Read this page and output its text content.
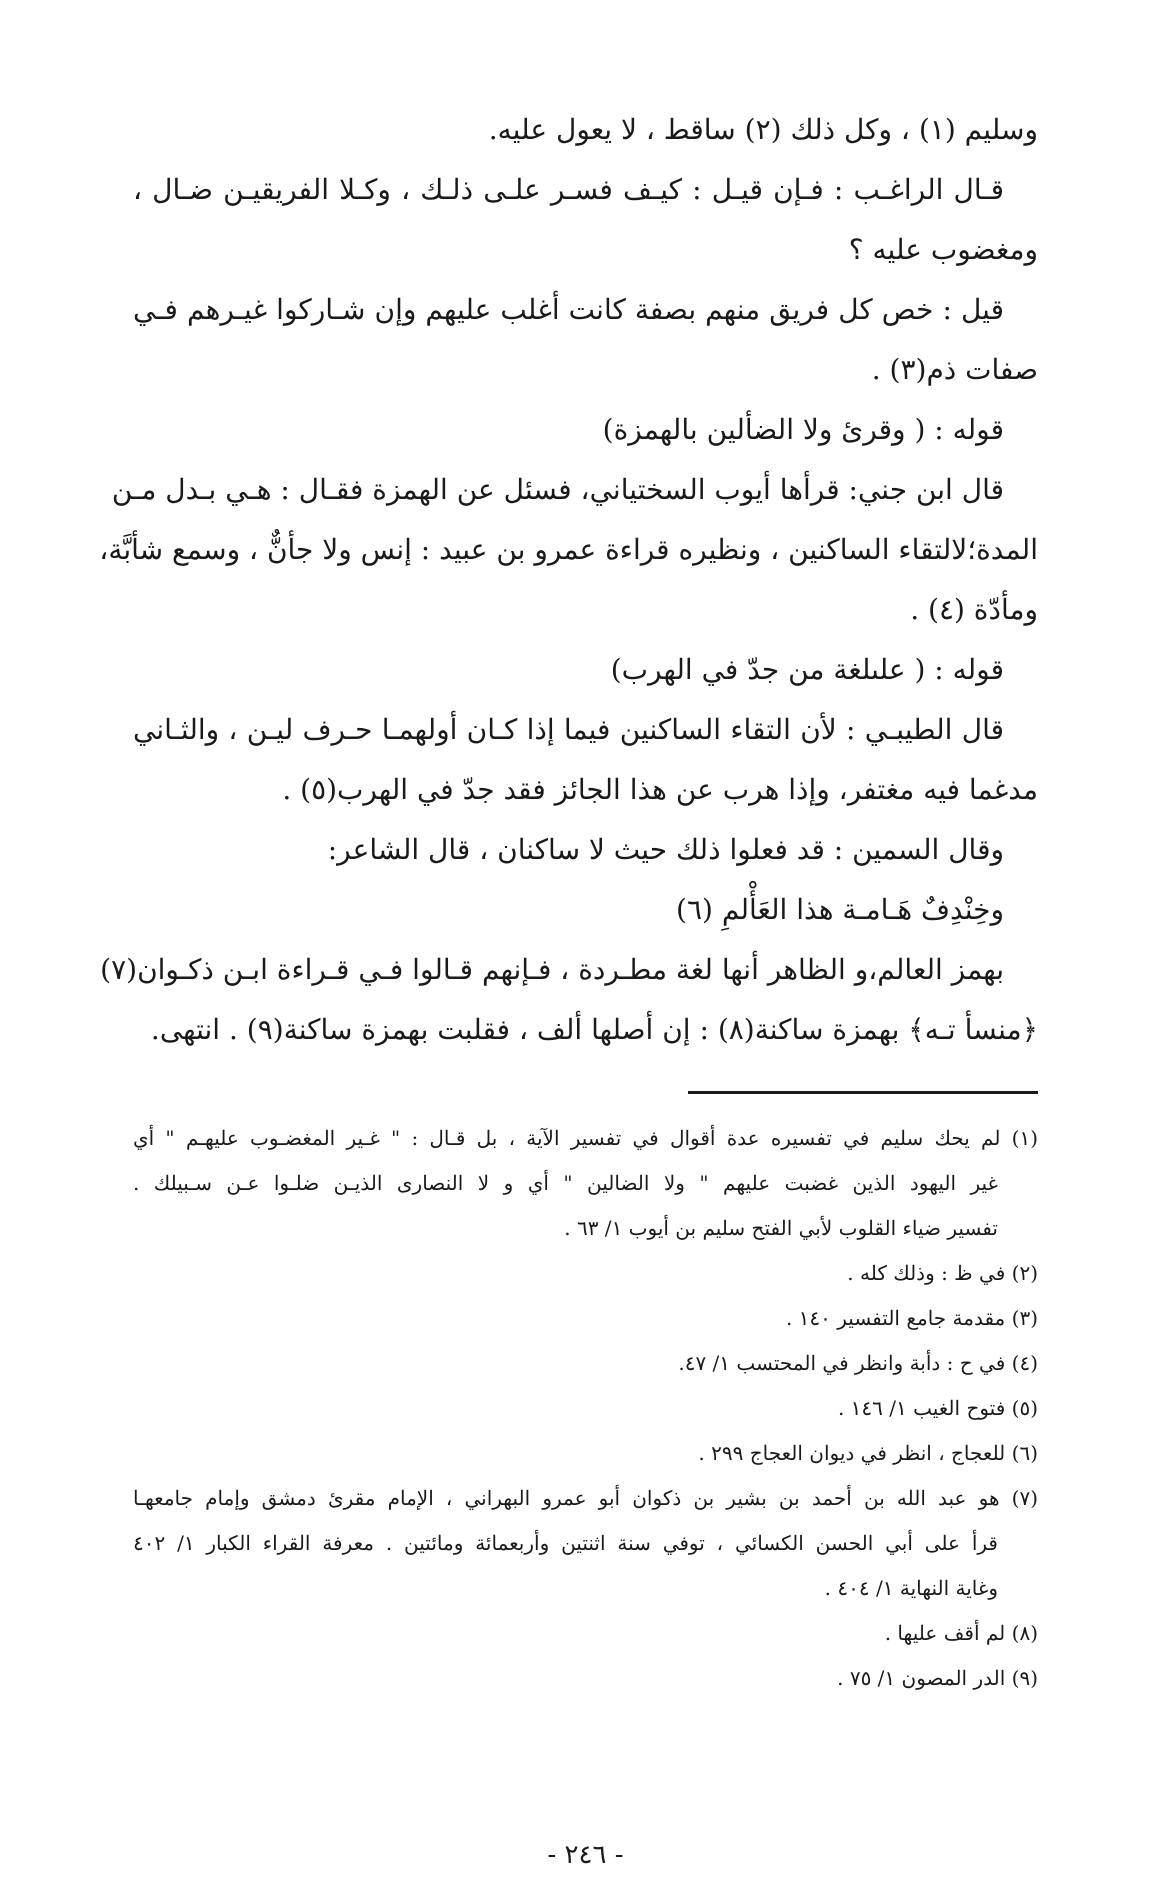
وسليم (١) ، وكل ذلك (٢) ساقط ، لا يعول عليه.
قـال الراغـب : فـإن قيـل : كيـف فسـر علـى ذلـك ، وكـلا الفريقيـن ضـال ،
ومغضوب عليه ؟
قيل : خص كل فريق منهم بصفة كانت أغلب عليهم وإن شـاركوا غيـرهم فـي
صفات ذم(٣) .
قوله : ( وقرئ ولا الضألين بالهمزة)
قال ابن جني: قرأها أيوب السختياني، فسئل عن الهمزة فقـال : هـي بـدل مـن
المدة؛لالتقاء الساكنين ، ونظيره قراءة عمرو بن عبيد : إنس ولا جأنٌّ ، وسمع شأبَّة،
ومأدّة (٤) .
قوله : ( علىلغة من جدّ في الهرب)
قال الطيبـي : لأن التقاء الساكنين فيما إذا كـان أولهمـا حـرف ليـن ، والثـاني
مدغما فيه مغتفر، وإذا هرب عن هذا الجائز فقد جدّ في الهرب(٥) .
وقال السمين : قد فعلوا ذلك حيث لا ساكنان ، قال الشاعر:
وخِنْدِفٌ هَـامـة هذا العَأْلمِ (٦)
بهمز العالم،و الظاهر أنها لغة مطـردة ، فـإنهم قـالوا فـي قـراءة ابـن ذكـوان(٧)
﴿منسأ تـه﴾ بهمزة ساكنة(٨) : إن أصلها ألف ، فقلبت بهمزة ساكنة(٩) . انتهى.
(١) لم يحك سليم في تفسيره عدة أقوال في تفسير الآية ، بل قـال : " غـير المغضـوب عليهـم " أي
غير اليهود الذين غضبت عليهم " ولا الضالين " أي و لا النصارى الذيـن ضلـوا عـن سـبيلك .
تفسير ضياء القلوب لأبي الفتح سليم بن أيوب ١/ ٦٣ .
(٢) في ظ : وذلك كله .
(٣) مقدمة جامع التفسير ١٤٠ .
(٤) في ح : دأبة وانظر في المحتسب ١/ ٤٧.
(٥) فتوح الغيب ١/ ١٤٦ .
(٦) للعجاج ، انظر في ديوان العجاج ٢٩٩ .
(٧) هو عبد الله بن أحمد بن بشير بن ذكوان أبو عمرو البهراني ، الإمام مقرئ دمشق وإمام جامعهـا
قرأ على أبي الحسن الكسائي ، توفي سنة اثنتين وأربعمائة ومائتين . معرفة القراء الكبار ١/ ٤٠٢
وغاية النهاية ١/ ٤٠٤ .
(٨) لم أقف عليها .
(٩) الدر المصون ١/ ٧٥ .
- ٢٤٦ -
